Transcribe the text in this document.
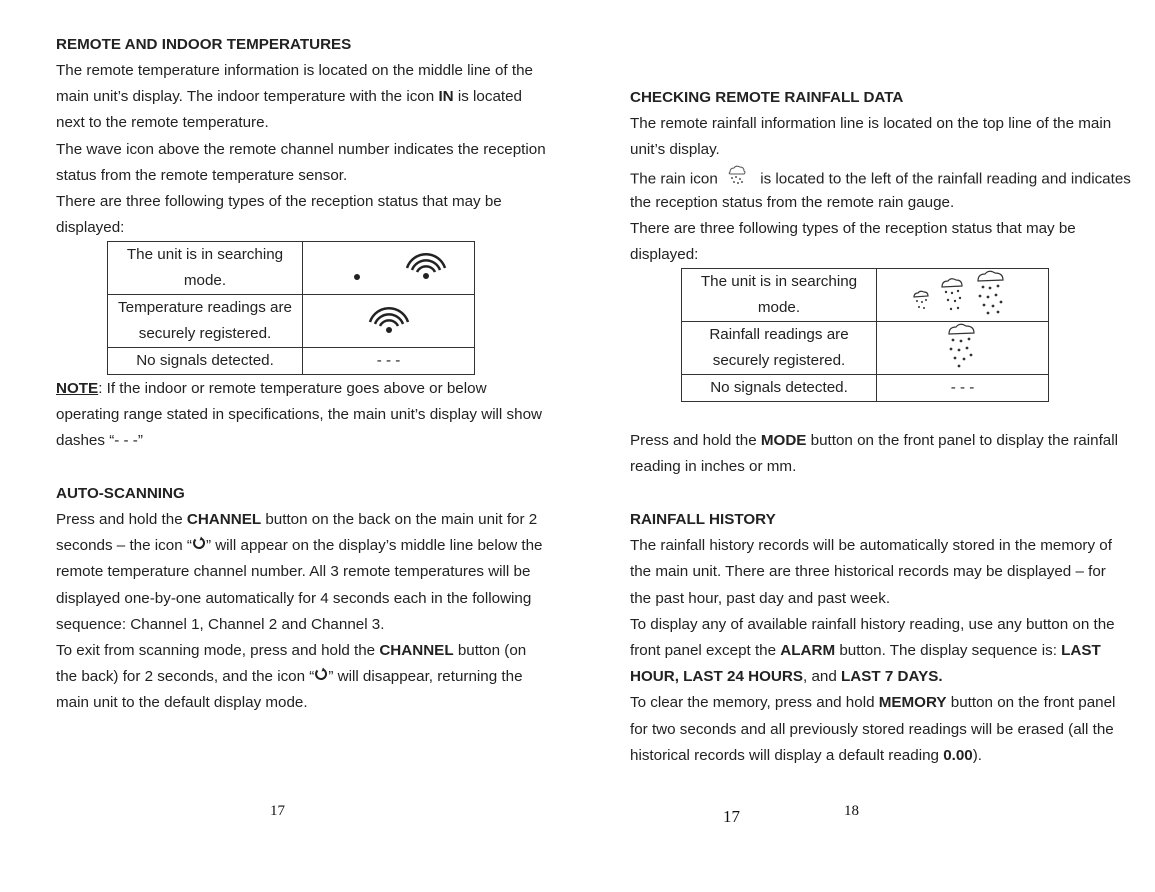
REMOTE AND INDOOR TEMPERATURES
The remote temperature information is located on the middle line of the
main unit’s display. The indoor temperature with the icon IN is located
next to the remote temperature.
The wave icon above the remote channel number indicates the reception
status from the remote temperature sensor.
There are three following types of the reception status that may be
displayed:
The unit is in searching
mode.	
Temperature readings are
securely registered.	
No signals detected.	- - -
NOTE: If the indoor or remote temperature goes above or below
operating range stated in specifications, the main unit’s display will show
dashes “- - -”
AUTO-SCANNING
Press and hold the CHANNEL button on the back on the main unit for 2
seconds – the icon “ ” will appear on the display’s middle line below the
remote temperature channel number. All 3 remote temperatures will be
displayed one-by-one automatically for 4 seconds each in the following
sequence: Channel 1, Channel 2 and Channel 3.
To exit from scanning mode, press and hold the CHANNEL button (on
the back) for 2 seconds, and the icon “ ” will disappear, returning the
main unit to the default display mode.
17
CHECKING REMOTE RAINFALL DATA
The remote rainfall information line is located on the top line of the main
unit’s display.
The rain icon  is located to the left of the rainfall reading and indicates
the reception status from the remote rain gauge.
There are three following types of the reception status that may be
displayed:
The unit is in searching
mode.	
Rainfall readings are
securely registered.	
No signals detected.	- - -
Press and hold the MODE button on the front panel to display the rainfall
reading in inches or mm.
RAINFALL HISTORY
The rainfall history records will be automatically stored in the memory of
the main unit. There are three historical records may be displayed – for
the past hour, past day and past week.
To display any of available rainfall history reading, use any button on the
front panel except the ALARM button. The display sequence is: LAST
HOUR, LAST 24 HOURS, and LAST 7 DAYS.
To clear the memory, press and hold MEMORY button on the front panel
for two seconds and all previously stored readings will be erased (all the
historical records will display a default reading 0.00).
17	18
